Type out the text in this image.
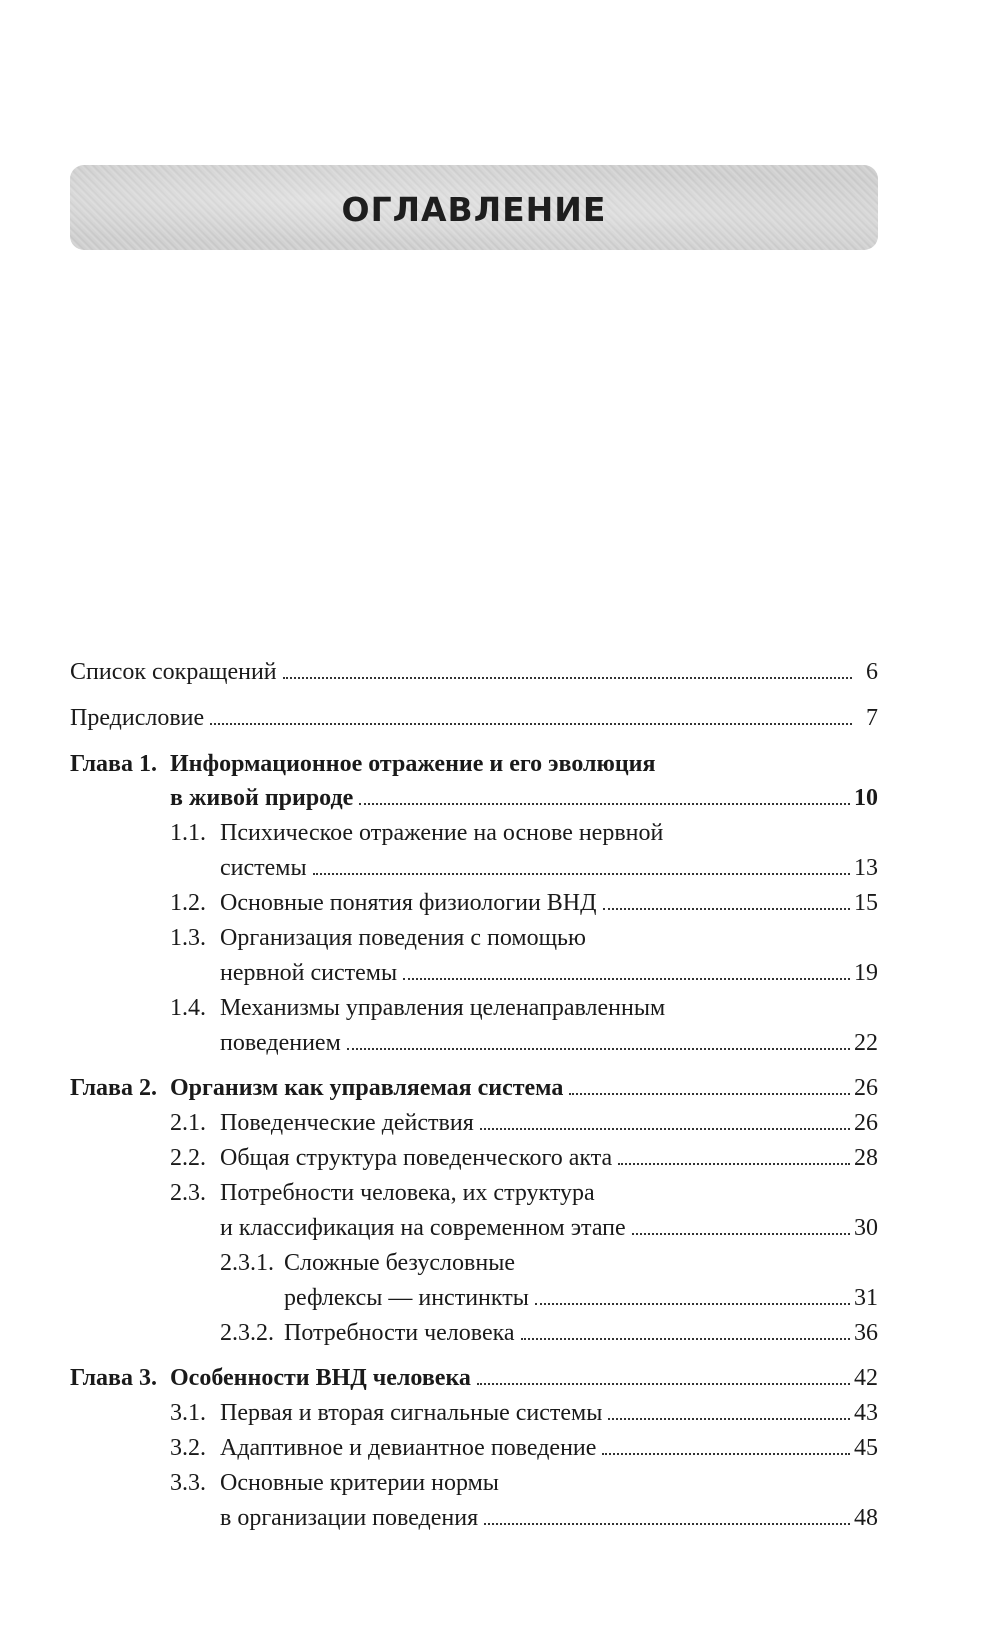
ОГЛАВЛЕНИЕ
Список сокращений	6
Предисловие	7
Глава 1. Информационное отражение и его эволюция
в живой природе	10
1.1. Психическое отражение на основе нервной
системы	13
1.2. Основные понятия физиологии ВНД	15
1.3. Организация поведения с помощью
нервной системы	19
1.4. Механизмы управления целенаправленным
поведением	22
Глава 2. Организм как управляемая система	26
2.1. Поведенческие действия	26
2.2. Общая структура поведенческого акта	28
2.3. Потребности человека, их структура
и классификация на современном этапе	30
2.3.1. Сложные безусловные
рефлексы — инстинкты	31
2.3.2. Потребности человека	36
Глава 3. Особенности ВНД человека	42
3.1. Первая и вторая сигнальные системы	43
3.2. Адаптивное и девиантное поведение	45
3.3. Основные критерии нормы
в организации поведения	48
